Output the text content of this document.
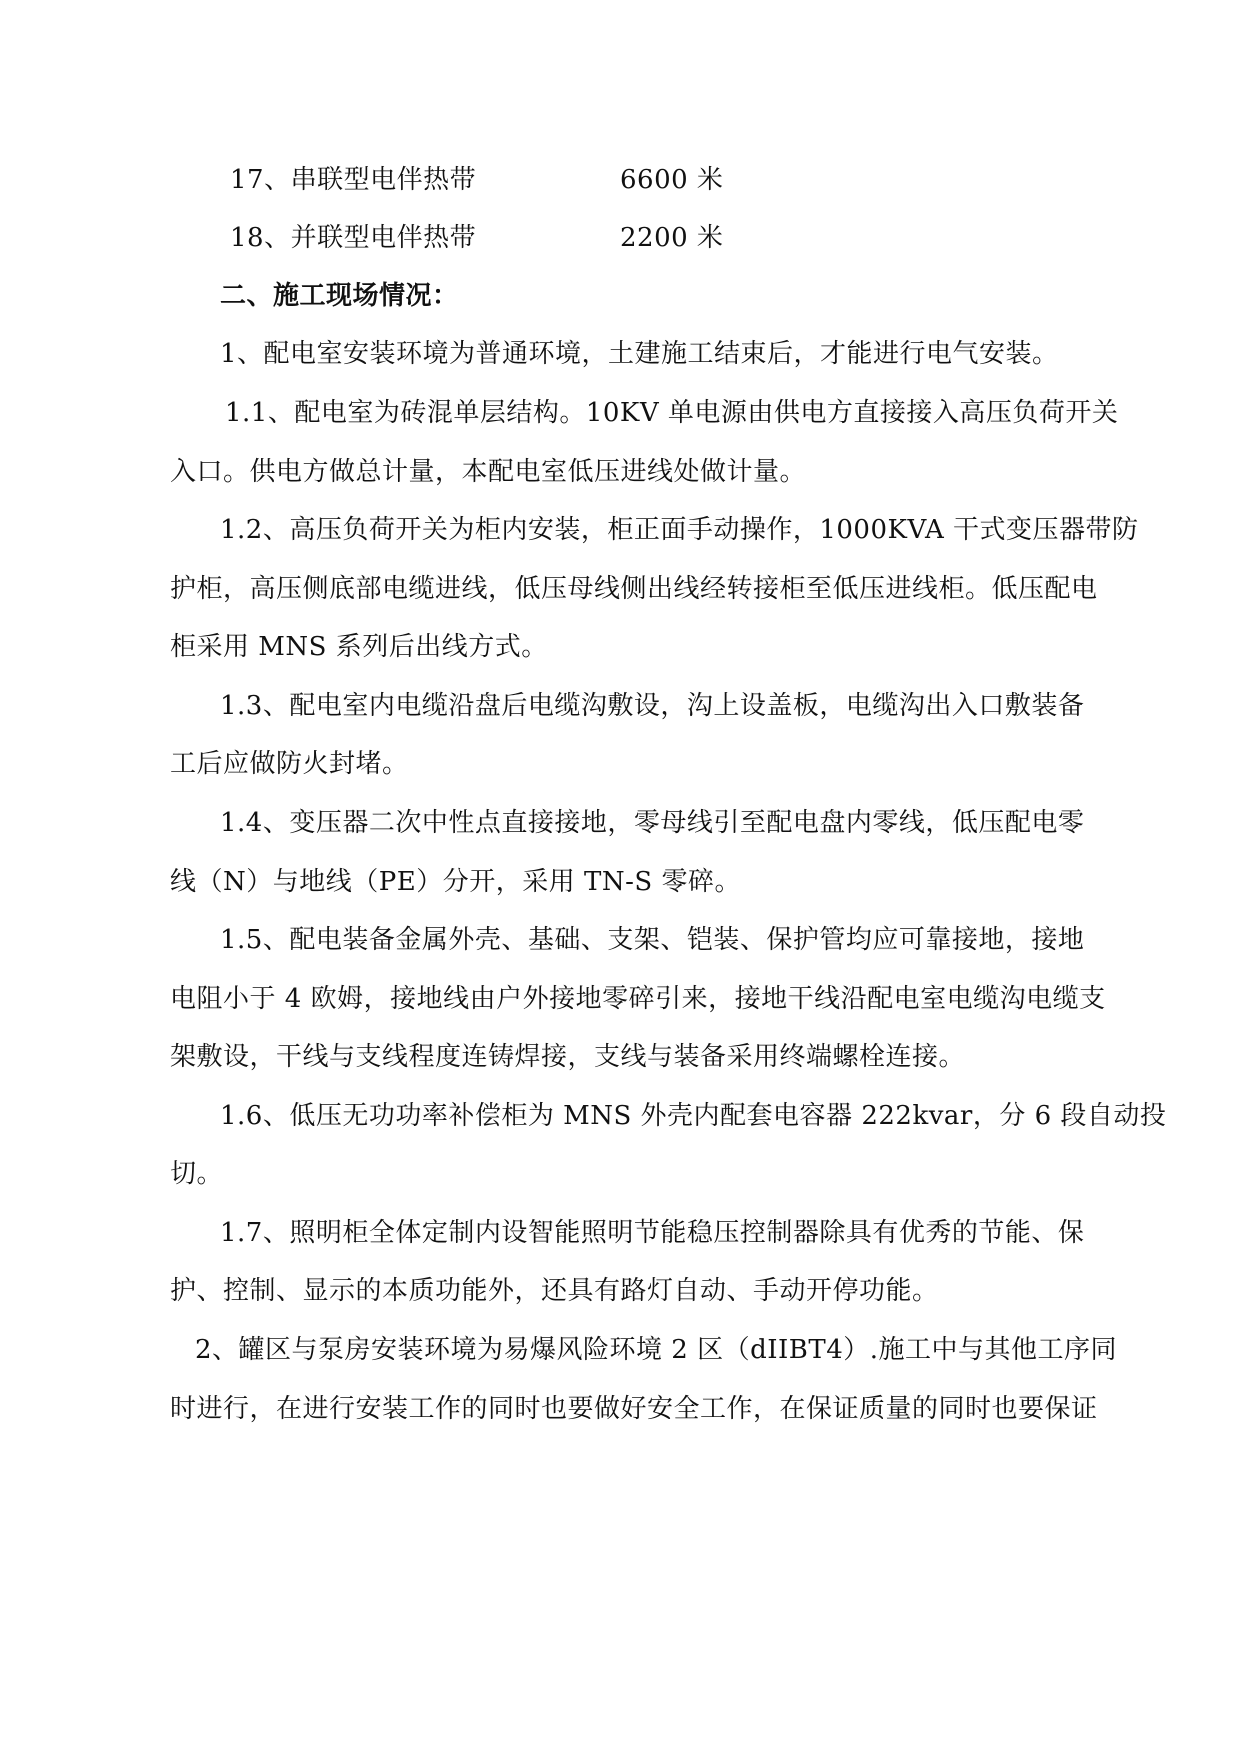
17、串联型电伴热带	6600 米
18、并联型电伴热带	2200 米
二、施工现场情况：
1、配电室安装环境为普通环境，土建施工结束后，才能进行电气安装。
1.1、配电室为砖混单层结构。10KV 单电源由供电方直接接入高压负荷开关
入口。供电方做总计量，本配电室低压进线处做计量。
1.2、高压负荷开关为柜内安装，柜正面手动操作，1000KVA 干式变压器带防
护柜，高压侧底部电缆进线，低压母线侧出线经转接柜至低压进线柜。低压配电
柜采用 MNS 系列后出线方式。
1.3、配电室内电缆沿盘后电缆沟敷设，沟上设盖板，电缆沟出入口敷装备
工后应做防火封堵。
1.4、变压器二次中性点直接接地，零母线引至配电盘内零线，低压配电零
线（N）与地线（PE）分开，采用 TN-S 零碎。
1.5、配电装备金属外壳、基础、支架、铠装、保护管均应可靠接地，接地
电阻小于 4 欧姆，接地线由户外接地零碎引来，接地干线沿配电室电缆沟电缆支
架敷设，干线与支线程度连铸焊接，支线与装备采用终端螺栓连接。
1.6、低压无功功率补偿柜为 MNS 外壳内配套电容器 222kvar，分 6 段自动投
切。
1.7、照明柜全体定制内设智能照明节能稳压控制器除具有优秀的节能、保
护、控制、显示的本质功能外，还具有路灯自动、手动开停功能。
2、罐区与泵房安装环境为易爆风险环境 2 区（dIIBT4）.施工中与其他工序同
时进行，在进行安装工作的同时也要做好安全工作，在保证质量的同时也要保证
